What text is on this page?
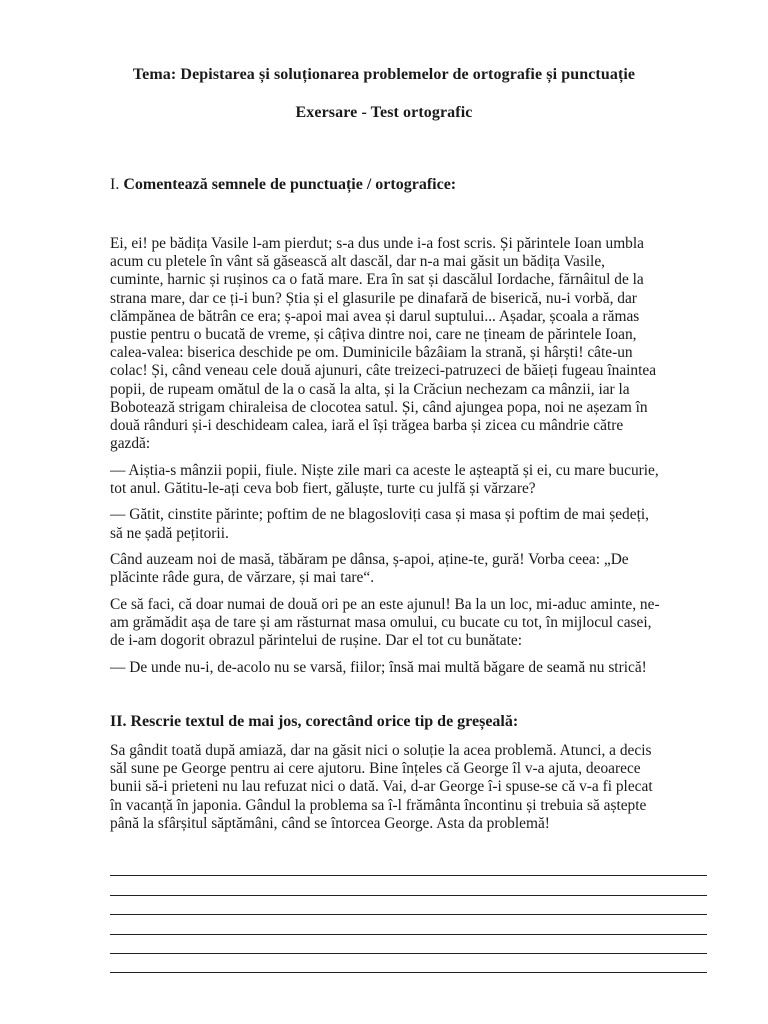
Tema: Depistarea și soluționarea problemelor de ortografie și punctuație
Exersare - Test ortografic
I. Comentează semnele de punctuație / ortografice:

Ei, ei! pe bădița Vasile l-am pierdut; s-a dus unde i-a fost scris. Și părintele Ioan umbla
acum cu pletele în vânt să găsească alt dascăl, dar n-a mai găsit un bădița Vasile,
cuminte, harnic și rușinos ca o fată mare. Era în sat și dascălul Iordache, fărnâitul de la
strana mare, dar ce ți-i bun? Știa și el glasurile pe dinafară de biserică, nu-i vorbă, dar
clămpănea de bătrân ce era; ș-apoi mai avea și darul suptului... Așadar, școala a rămas
pustie pentru o bucată de vreme, și câțiva dintre noi, care ne țineam de părintele Ioan,
calea-valea: biserica deschide pe om. Duminicile bâzâiam la strană, și hârști! câte-un
colac! Și, când veneau cele două ajunuri, câte treizeci-patruzeci de băieți fugeau înaintea
popii, de rupeam omătul de la o casă la alta, și la Crăciun nechezam ca mânzii, iar la
Bobotează strigam chiraleisa de clocotea satul. Și, când ajungea popa, noi ne așezam în
două rânduri și-i deschideam calea, iară el își trăgea barba și zicea cu mândrie către
gazdă:

— Aiștia-s mânzii popii, fiule. Niște zile mari ca aceste le așteaptă și ei, cu mare bucurie,
tot anul. Gătitu-le-ați ceva bob fiert, găluște, turte cu julfă și vărzare?

— Gătit, cinstite părinte; poftim de ne blagosloviți casa și masa și poftim de mai ședeți,
să ne șadă pețitorii.

Când auzeam noi de masă, tăbăram pe dânsa, ș-apoi, aține-te, gură! Vorba ceea: „De
plăcinte râde gura, de vărzare, și mai tare“.

Ce să faci, că doar numai de două ori pe an este ajunul! Ba la un loc, mi-aduc aminte, ne-
am grămădit așa de tare și am răsturnat masa omului, cu bucate cu tot, în mijlocul casei,
de i-am dogorit obrazul părintelui de rușine. Dar el tot cu bunătate:

— De unde nu-i, de-acolo nu se varsă, fiilor; însă mai multă băgare de seamă nu strică!

II. Rescrie textul de mai jos, corectând orice tip de greșeală:

Sa gândit toată după amiază, dar na găsit nici o soluție la acea problemă. Atunci, a decis
săl sune pe George pentru ai cere ajutoru. Bine înțeles că George îl v-a ajuta, deoarece
bunii să-i prieteni nu lau refuzat nici o dată. Vai, d-ar George î-i spuse-se că v-a fi plecat
în vacanță în japonia. Gândul la problema sa î-l frământa încontinu și trebuia să aștepte
până la sfârșitul săptămâni, când se întorcea George. Asta da problemă!
